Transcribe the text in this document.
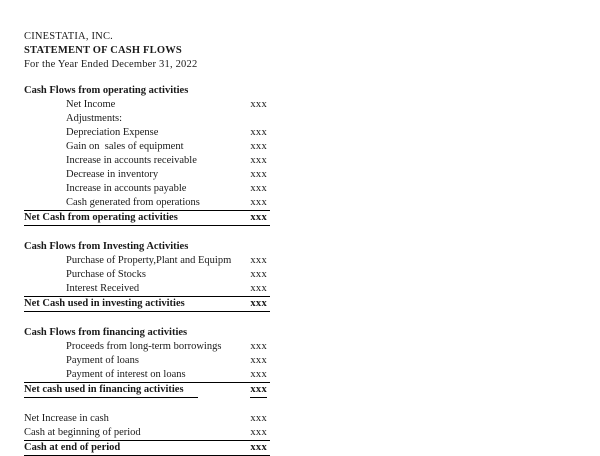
CINESTATIA, INC.
STATEMENT OF CASH FLOWS
For the Year Ended December 31, 2022
Cash Flows from operating activities	
Net Income	xxx
Adjustments:	
Depreciation Expense	xxx
Gain on  sales of equipment	xxx
Increase in accounts receivable	xxx
Decrease in inventory	xxx
Increase in accounts payable	xxx
Cash generated from operations	xxx
Net Cash from operating activities	xxx

Cash Flows from Investing Activities	
Purchase of Property,Plant and Equipm	xxx
Purchase of Stocks	xxx
Interest Received	xxx
Net Cash used in investing activities	xxx

Cash Flows from financing activities	
Proceeds from long-term borrowings	xxx
Payment of loans	xxx
Payment of interest on loans	xxx
Net cash used in financing activities	xxx

Net Increase in cash	xxx
Cash at beginning of period	xxx
Cash at end of period	xxx
